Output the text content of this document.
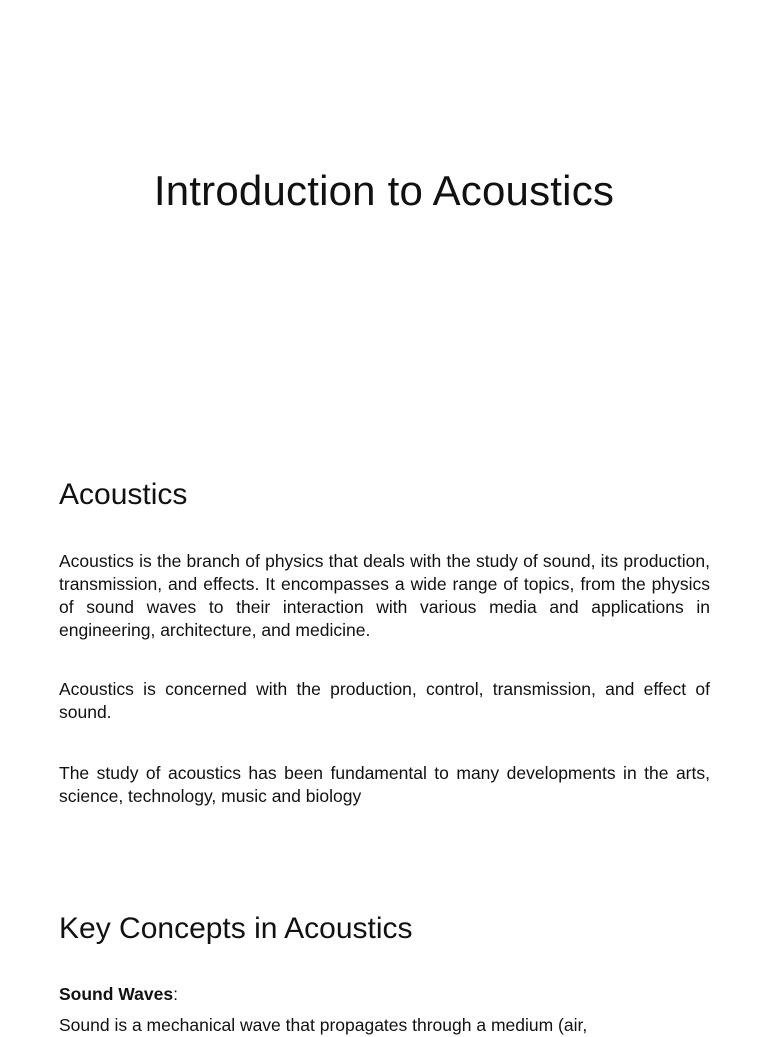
Introduction to Acoustics
Acoustics

Acoustics is the branch of physics that deals with the study of sound, its production, transmission, and effects. It encompasses a wide range of topics, from the physics of sound waves to their interaction with various media and applications in engineering, architecture, and medicine.

Acoustics is concerned with the production, control, transmission, and effect of sound.

The study of acoustics has been fundamental to many developments in the arts, science, technology, music and biology

Key Concepts in Acoustics

Sound Waves:

Sound is a mechanical wave that propagates through a medium (air,
